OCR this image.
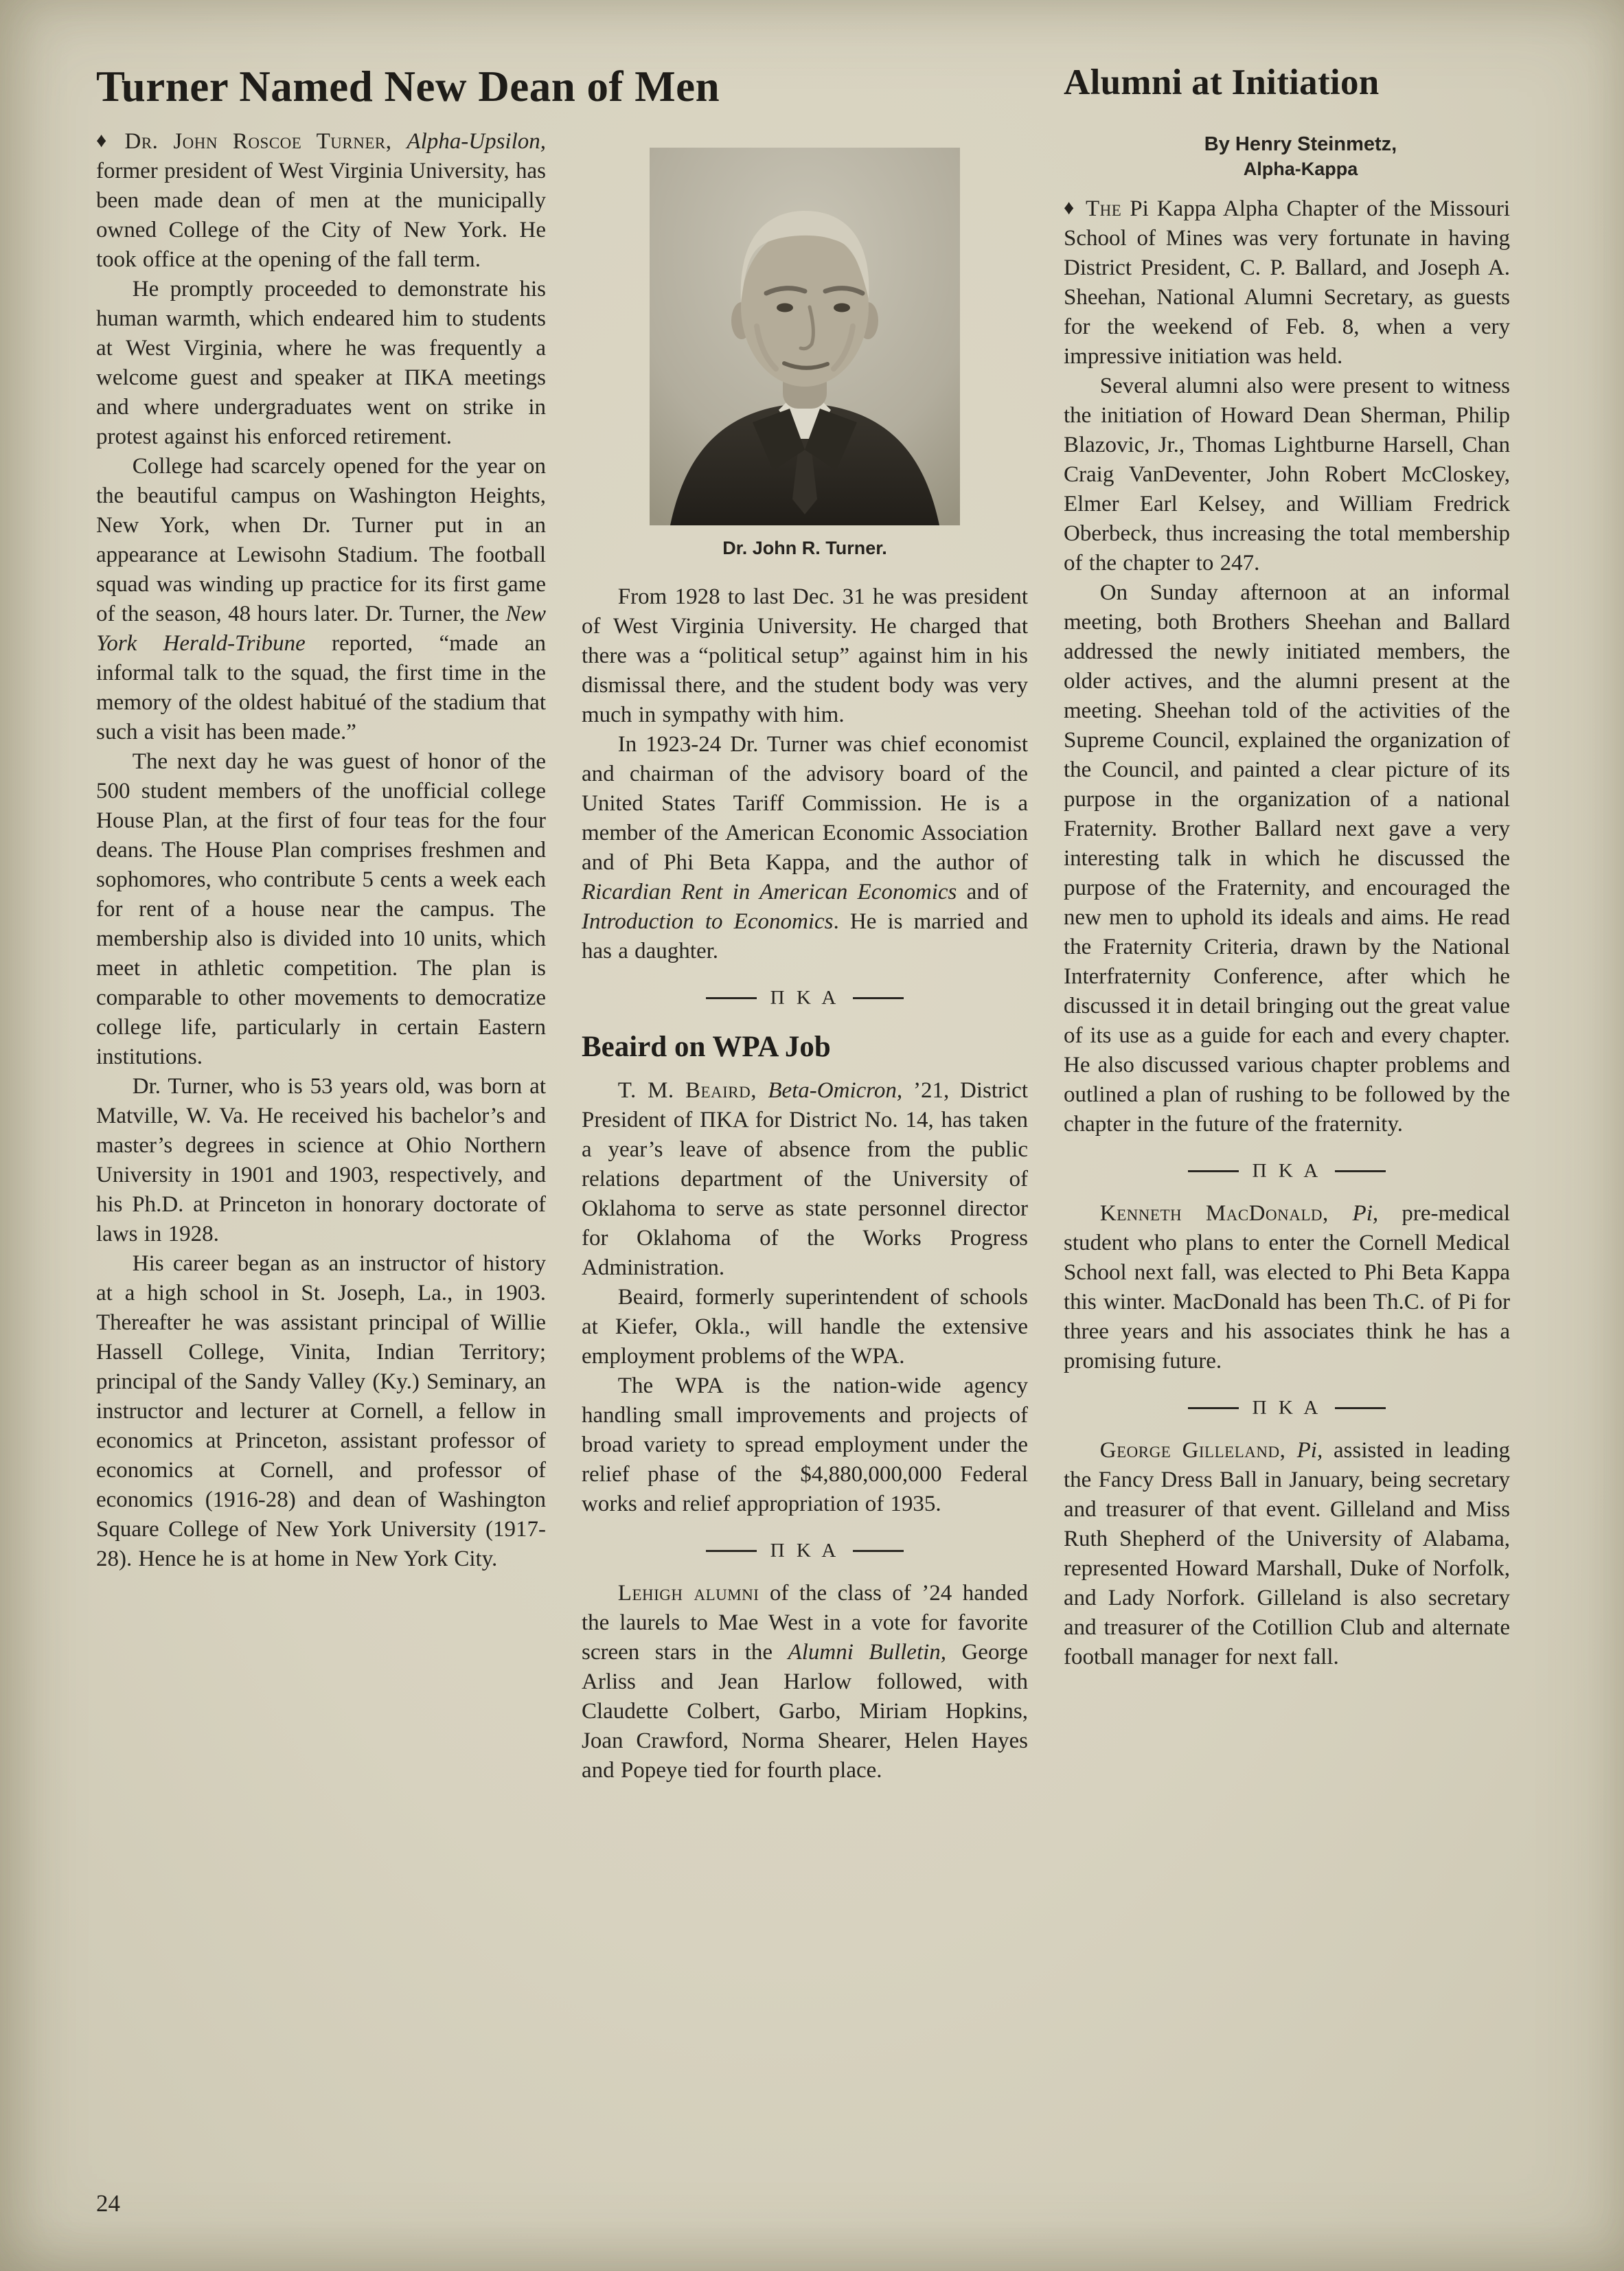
Turner Named New Dean of Men	Alumni at Initiation

♦ Dr. John Roscoe Turner, Alpha-Upsilon, former president of West Virginia University, has been made dean of men at the municipally owned College of the City of New York. He took office at the opening of the fall term.

He promptly proceeded to demonstrate his human warmth, which endeared him to students at West Virginia, where he was frequently a welcome guest and speaker at ΠΚΑ meetings and where undergraduates went on strike in protest against his enforced retirement.

College had scarcely opened for the year on the beautiful campus on Washington Heights, New York, when Dr. Turner put in an appearance at Lewisohn Stadium. The football squad was winding up practice for its first game of the season, 48 hours later. Dr. Turner, the New York Herald-Tribune reported, “made an informal talk to the squad, the first time in the memory of the oldest habitué of the stadium that such a visit has been made.”

The next day he was guest of honor of the 500 student members of the unofficial college House Plan, at the first of four teas for the four deans. The House Plan comprises freshmen and sophomores, who contribute 5 cents a week each for rent of a house near the campus. The membership also is divided into 10 units, which meet in athletic competition. The plan is comparable to other movements to democratize college life, particularly in certain Eastern institutions.

Dr. Turner, who is 53 years old, was born at Matville, W. Va. He received his bachelor’s and master’s degrees in science at Ohio Northern University in 1901 and 1903, respectively, and his Ph.D. at Princeton in honorary doctorate of laws in 1928.

His career began as an instructor of history at a high school in St. Joseph, La., in 1903. Thereafter he was assistant principal of Willie Hassell College, Vinita, Indian Territory; principal of the Sandy Valley (Ky.) Seminary, an instructor and lecturer at Cornell, a fellow in economics at Princeton, assistant professor of economics at Cornell, and professor of economics (1916-28) and dean of Washington Square College of New York University (1917-28). Hence he is at home in New York City.

Dr. John R. Turner.

From 1928 to last Dec. 31 he was president of West Virginia University. He charged that there was a “political setup” against him in his dismissal there, and the student body was very much in sympathy with him.

In 1923-24 Dr. Turner was chief economist and chairman of the advisory board of the United States Tariff Commission. He is a member of the American Economic Association and of Phi Beta Kappa, and the author of Ricardian Rent in American Economics and of Introduction to Economics. He is married and has a daughter.

Π Κ Α
Beaird on WPA Job

T. M. Beaird, Beta-Omicron, ’21, District President of ΠΚΑ for District No. 14, has taken a year’s leave of absence from the public relations department of the University of Oklahoma to serve as state personnel director for Oklahoma of the Works Progress Administration.

Beaird, formerly superintendent of schools at Kiefer, Okla., will handle the extensive employment problems of the WPA.

The WPA is the nation-wide agency handling small improvements and projects of broad variety to spread employment under the relief phase of the $4,880,000,000 Federal works and relief appropriation of 1935.

Π Κ Α

Lehigh alumni of the class of ’24 handed the laurels to Mae West in a vote for favorite screen stars in the Alumni Bulletin, George Arliss and Jean Harlow followed, with Claudette Colbert, Garbo, Miriam Hopkins, Joan Crawford, Norma Shearer, Helen Hayes and Popeye tied for fourth place.

By Henry Steinmetz,
Alpha-Kappa

♦ The Pi Kappa Alpha Chapter of the Missouri School of Mines was very fortunate in having District President, C. P. Ballard, and Joseph A. Sheehan, National Alumni Secretary, as guests for the weekend of Feb. 8, when a very impressive initiation was held.

Several alumni also were present to witness the initiation of Howard Dean Sherman, Philip Blazovic, Jr., Thomas Lightburne Harsell, Chan Craig VanDeventer, John Robert McCloskey, Elmer Earl Kelsey, and William Fredrick Oberbeck, thus increasing the total membership of the chapter to 247.

On Sunday afternoon at an informal meeting, both Brothers Sheehan and Ballard addressed the newly initiated members, the older actives, and the alumni present at the meeting. Sheehan told of the activities of the Supreme Council, explained the organization of the Council, and painted a clear picture of its purpose in the organization of a national Fraternity. Brother Ballard next gave a very interesting talk in which he discussed the purpose of the Fraternity, and encouraged the new men to uphold its ideals and aims. He read the Fraternity Criteria, drawn by the National Interfraternity Conference, after which he discussed it in detail bringing out the great value of its use as a guide for each and every chapter. He also discussed various chapter problems and outlined a plan of rushing to be followed by the chapter in the future of the fraternity.

Π Κ Α

Kenneth MacDonald, Pi, pre-medical student who plans to enter the Cornell Medical School next fall, was elected to Phi Beta Kappa this winter. MacDonald has been Th.C. of Pi for three years and his associates think he has a promising future.

Π Κ Α

George Gilleland, Pi, assisted in leading the Fancy Dress Ball in January, being secretary and treasurer of that event. Gilleland and Miss Ruth Shepherd of the University of Alabama, represented Howard Marshall, Duke of Norfolk, and Lady Norfork. Gilleland is also secretary and treasurer of the Cotillion Club and alternate football manager for next fall.

24
